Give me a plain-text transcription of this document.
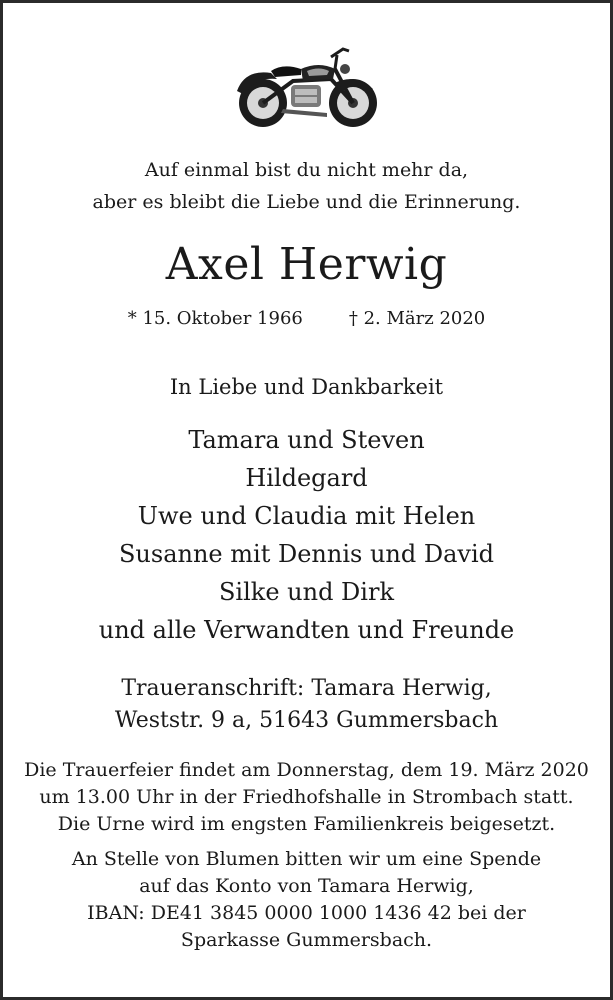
Auf einmal bist du nicht mehr da,
aber es bleibt die Liebe und die Erinnerung.
Axel Herwig
* 15. Oktober 1966	† 2. März 2020
In Liebe und Dankbarkeit
Tamara und Steven
Hildegard
Uwe und Claudia mit Helen
Susanne mit Dennis und David
Silke und Dirk
und alle Verwandten und Freunde
Traueranschrift: Tamara Herwig,
Weststr. 9 a, 51643 Gummersbach
Die Trauerfeier findet am Donnerstag, dem 19. März 2020
um 13.00 Uhr in der Friedhofshalle in Strombach statt.
Die Urne wird im engsten Familienkreis beigesetzt.
An Stelle von Blumen bitten wir um eine Spende
auf das Konto von Tamara Herwig,
IBAN: DE41 3845 0000 1000 1436 42 bei der
Sparkasse Gummersbach.
